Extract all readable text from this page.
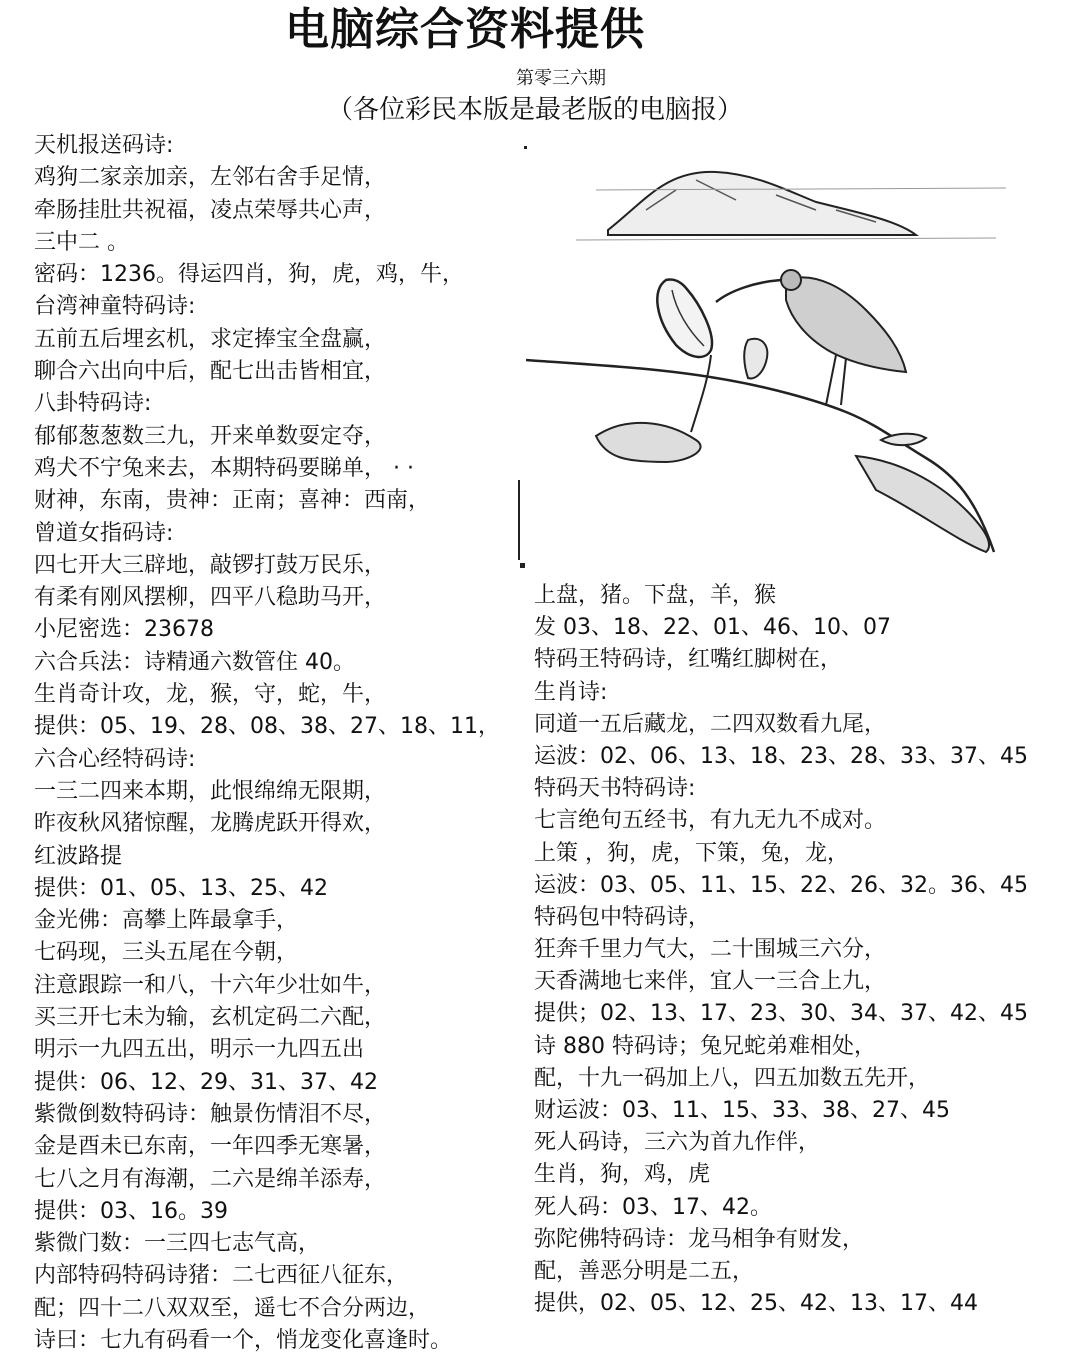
电脑综合资料提供
第零三六期
（各位彩民本版是最老版的电脑报）
天机报送码诗:
鸡狗二家亲加亲，左邻右舍手足情，
牵肠挂肚共祝福，凌点荣辱共心声，
三中二 。
密码：1236。得运四肖，狗，虎，鸡，牛，
台湾神童特码诗:
五前五后埋玄机，求定捧宝全盘赢，
聊合六出向中后，配七出击皆相宜，
八卦特码诗:
郁郁葱葱数三九，开来单数耍定夺，
鸡犬不宁兔来去，本期特码要睇单， · ·
财神，东南，贵神：正南；喜神：西南，
曾道女指码诗:
四七开大三辟地，敲锣打鼓万民乐，
有柔有刚风摆柳，四平八稳助马开，
小尼密选：23678
六合兵法：诗精通六数管住 40。
生肖奇计攻，龙，猴，守，蛇，牛，
提供：05、19、28、08、38、27、18、11，
六合心经特码诗:
一三二四来本期，此恨绵绵无限期，
昨夜秋风猪惊醒，龙腾虎跃开得欢，
红波路提
提供：01、05、13、25、42
金光佛：高攀上阵最拿手，
七码现，三头五尾在今朝，
注意跟踪一和八，十六年少壮如牛，
买三开七未为输，玄机定码二六配，
明示一九四五出，明示一九四五出
提供：06、12、29、31、37、42
紫微倒数特码诗：触景伤情泪不尽，
金是酉未已东南，一年四季无寒暑，
七八之月有海潮，二六是绵羊添寿，
提供：03、16。39
紫微门数：一三四七志气高，
内部特码特码诗猪：二七西征八征东，
配；四十二八双双至，遥七不合分两边，
诗曰：七九有码看一个，悄龙变化喜逢时。
上盘，猪。下盘，羊，猴
发 03、18、22、01、46、10、07
特码王特码诗，红嘴红脚树在，
生肖诗:
同道一五后藏龙，二四双数看九尾，
运波：02、06、13、18、23、28、33、37、45
特码天书特码诗:
七言绝句五经书，有九无九不成对。
上策 ，狗，虎，下策，兔，龙，
运波：03、05、11、15、22、26、32。36、45
特码包中特码诗，
狂奔千里力气大，二十围城三六分，
天香满地七来伴，宜人一三合上九，
提供；02、13、17、23、30、34、37、42、45
诗 880 特码诗；兔兄蛇弟难相处，
配，十九一码加上八，四五加数五先开，
财运波：03、11、15、33、38、27、45
死人码诗，三六为首九作伴，
生肖，狗，鸡，虎
死人码：03、17、42。
弥陀佛特码诗：龙马相争有财发，
配，善恶分明是二五，
提供，02、05、12、25、42、13、17、44
